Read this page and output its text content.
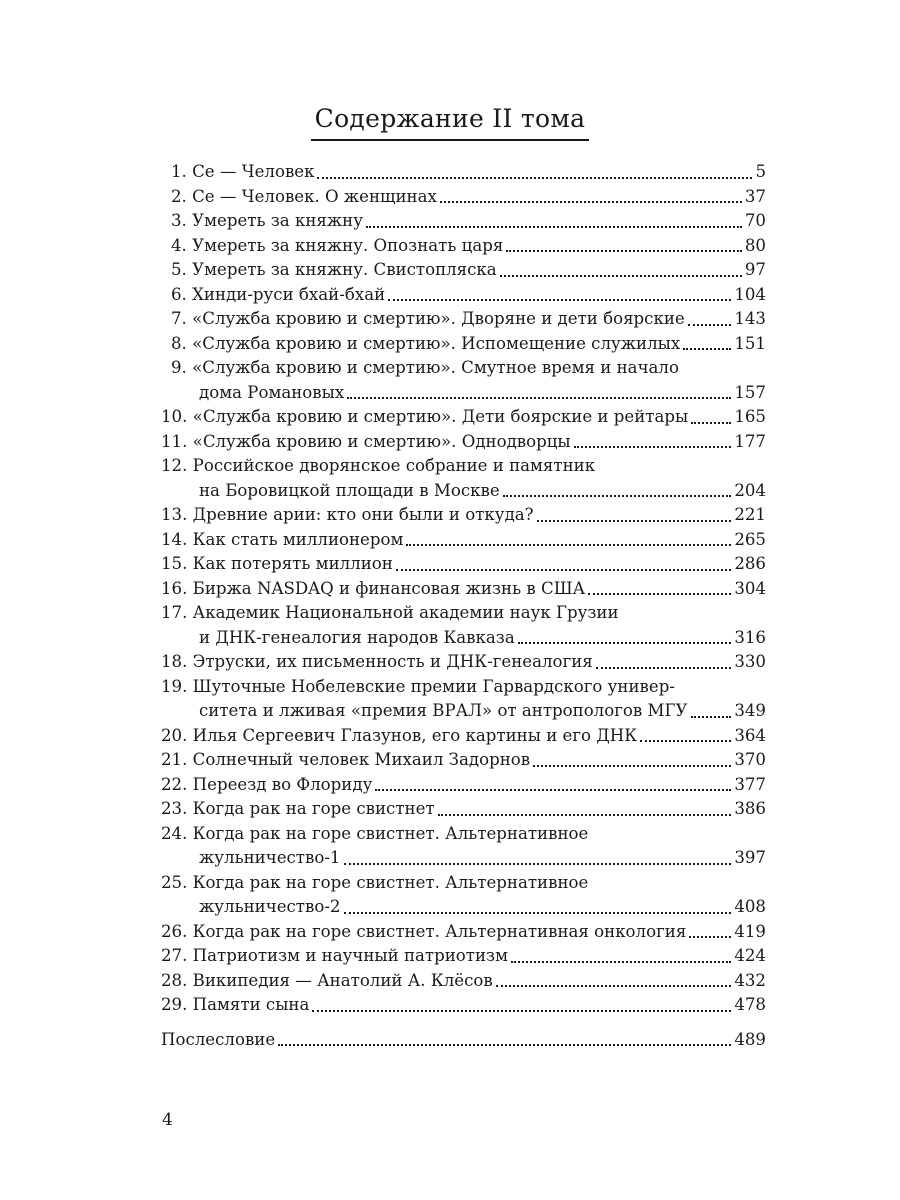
Содержание II тома
1. Се — Человек	5
2. Се — Человек. О женщинах	37
3. Умереть за княжну	70
4. Умереть за княжну. Опознать царя	80
5. Умереть за княжну. Свистопляска	97
6. Хинди-руси бхай-бхай	104
7. «Служба кровию и смертию». Дворяне и дети боярские	143
8. «Служба кровию и смертию». Испомещение служилых	151
9. «Служба кровию и смертию». Смутное время и начало
дома Романовых	157
10. «Служба кровию и смертию». Дети боярские и рейтары	165
11. «Служба кровию и смертию». Однодворцы	177
12. Российское дворянское собрание и памятник
на Боровицкой площади в Москве	204
13. Древние арии: кто они были и откуда?	221
14. Как стать миллионером	265
15. Как потерять миллион	286
16. Биржа NASDAQ и финансовая жизнь в США	304
17. Академик Национальной академии наук Грузии
и ДНК-генеалогия народов Кавказа	316
18. Этруски, их письменность и ДНК-генеалогия	330
19. Шуточные Нобелевские премии Гарвардского универ-
ситета и лживая «премия ВРАЛ» от антропологов МГУ	349
20. Илья Сергеевич Глазунов, его картины и его ДНК	364
21. Солнечный человек Михаил Задорнов	370
22. Переезд во Флориду	377
23. Когда рак на горе свистнет	386
24. Когда рак на горе свистнет. Альтернативное
жульничество-1	397
25. Когда рак на горе свистнет. Альтернативное
жульничество-2	408
26. Когда рак на горе свистнет. Альтернативная онкология	419
27. Патриотизм и научный патриотизм	424
28. Википедия — Анатолий А. Клёсов	432
29. Памяти сына	478
Послесловие	489
4
